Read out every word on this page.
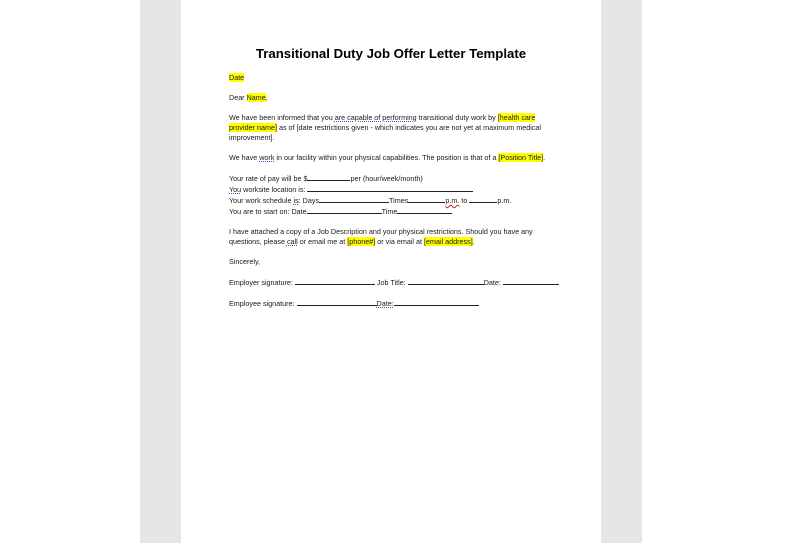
Transitional Duty Job Offer Letter Template

Date

Dear Name,

We have been informed that you are capable of performing transitional duty work by [health care provider name] as of [date restrictions given - which indicates you are not yet at maximum medical improvement].

We have work in our facility within your physical capabilities. The position is that of a [Position Title].

Your rate of pay will be $	per (hour/week/month)
You worksite location is:
Your work schedule is: Days	Times	p.m. to	p.m.
You are to start on: Date	Time

I have attached a copy of a Job Description and your physical restrictions. Should you have any questions, please call or email me at [phone#] or via email at [email address].

Sincerely,

Employer signature:	Job Title:	Date:

Employee signature:	Date:
